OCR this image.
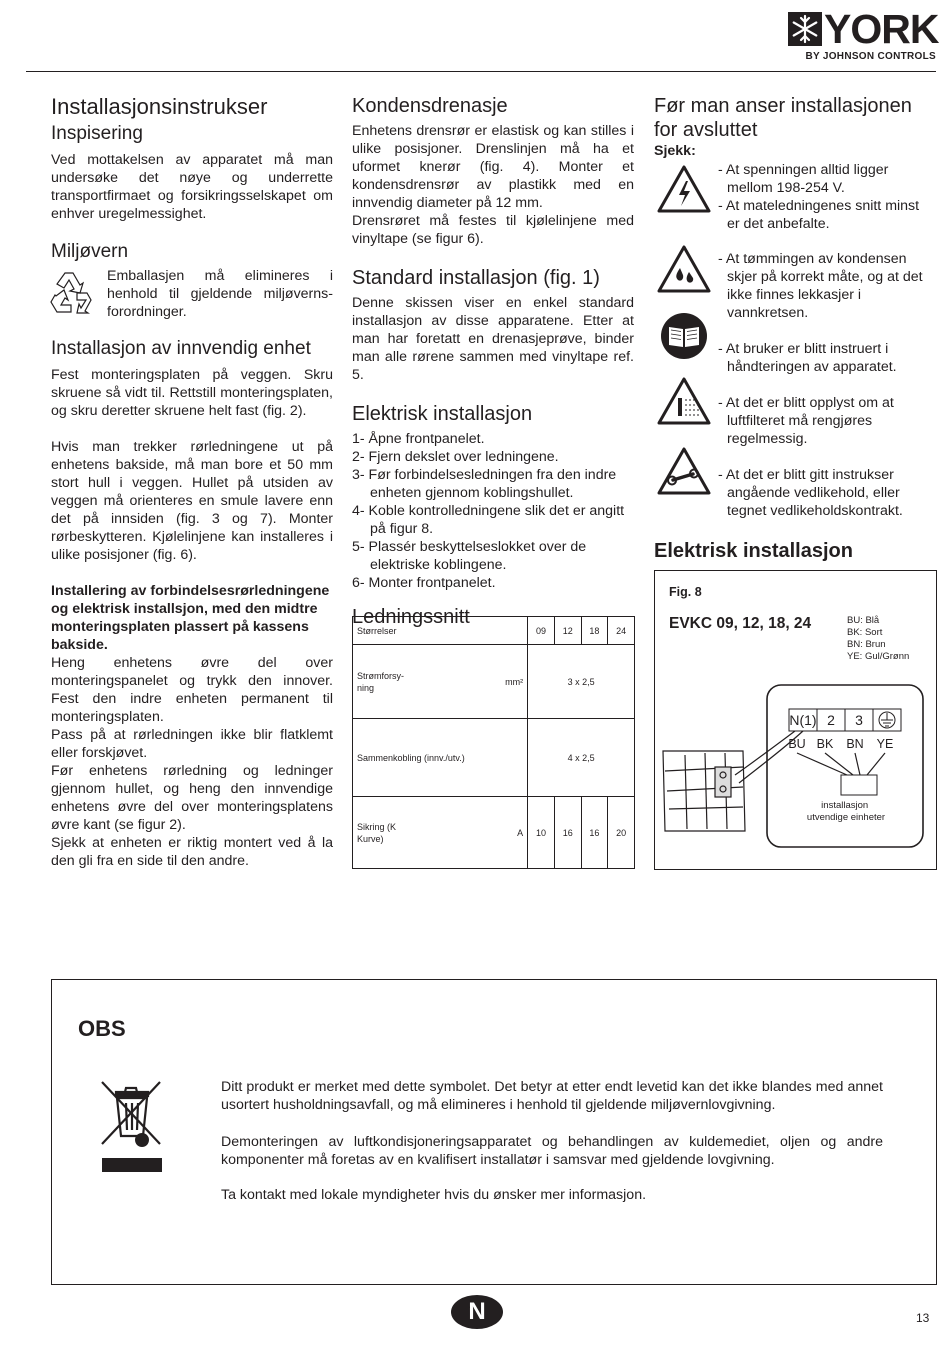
YORK
BY JOHNSON CONTROLS
Installasjonsinstrukser
Inspisering

Ved mottakelsen av apparatet må man undersøke det nøye og underrette transportfirmaet og forsikringsselskapet om enhver uregelmessighet.

Miljøvern

Emballasjen må elimineres i henhold til gjeldende miljøverns-forordninger.

Installasjon av innvendig enhet

Fest monteringsplaten på veggen. Skru skruene så vidt til. Rettstill monteringsplaten, og skru deretter skruene helt fast (fig. 2).

Hvis man trekker rørledningene ut på enhetens bakside, må man bore et 50 mm stort hull i veggen. Hullet på utsiden av veggen må orienteres en smule lavere enn det på innsiden (fig. 3 og 7). Monter rørbeskytteren. Kjølelinjene kan installeres i ulike posisjoner (fig. 6).

Installering av forbindelsesrørledningene og elektrisk installsjon, med den midtre monteringsplaten plassert på kassens bakside.

Heng enhetens øvre del over monteringspanelet og trykk den innover. Fest den indre enheten permanent til monteringsplaten.
Pass på at rørledningen ikke blir flatklemt eller forskjøvet.
Før enhetens rørledning og ledninger gjennom hullet, og heng den innvendige enhetens øvre del over monteringsplatens øvre kant (se figur 2).
Sjekk at enheten er riktig montert ved å la den gli fra en side til den andre.

Kondensdrenasje

Enhetens drensrør er elastisk og kan stilles i ulike posisjoner. Drenslinjen må ha et uformet knerør (fig. 4). Monter et kondensdrensrør av plastikk med en innvendig diameter på 12 mm.

Drensrøret må festes til kjølelinjene med vinyltape (se figur 6).

Standard installasjon (fig. 1)

Denne skissen viser en enkel standard installasjon av disse apparatene. Etter at man har foretatt en drenasjeprøve, binder man alle rørene sammen med vinyltape ref. 5.

Elektrisk installasjon
1- Åpne frontpanelet.
2- Fjern dekslet over ledningene.
3- Før forbindelsesledningen fra den indre enheten gjennom koblingshullet.
4- Koble kontrolledningene slik det er angitt på figur 8.
5- Plassér beskyttelseslokket over de elektriske koblingene.
6- Monter frontpanelet.
Ledningssnitt
Størrelser		09	12	18	24
Strømforsy-ning	mm²	3 x 2,5			
Sammenkobling (innv./utv.)		4 x 2,5			
Sikring (K Kurve)	A	10	16	16	20
Før man anser installasjonen for avsluttet
Sjekk:
- At spenningen alltid ligger mellom 198-254 V.
- At mateledningenes snitt minst er det anbefalte.
- At tømmingen av kondensen skjer på korrekt måte, og at det ikke finnes lekkasjer i vannkretsen.
- At bruker er blitt instruert i håndteringen av apparatet.
- At det er blitt opplyst om at luftfilteret må rengjøres regelmessig.
- At det er blitt gitt instrukser angående vedlikehold, eller tegnet vedlikeholdskontrakt.
Elektrisk installasjon
Fig. 8
EVKC 09, 12, 18, 24	BU: Blå
BK: Sort
BN: Brun
YE: Gul/Grønn
N(1) 2 3
BU BK BN YE
installasjon utvendige einheter
OBS

Ditt produkt er merket med dette symbolet. Det betyr at etter endt levetid kan det ikke blandes med annet usortert husholdningsavfall, og må elimineres i henhold til gjeldende miljøvernlovgivning.

Demonteringen av luftkondisjoneringsapparatet og behandlingen av kuldemediet, oljen og andre komponenter må foretas av en kvalifisert installatør i samsvar med gjeldende lovgivning.

Ta kontakt med lokale myndigheter hvis du ønsker mer informasjon.

N	13
